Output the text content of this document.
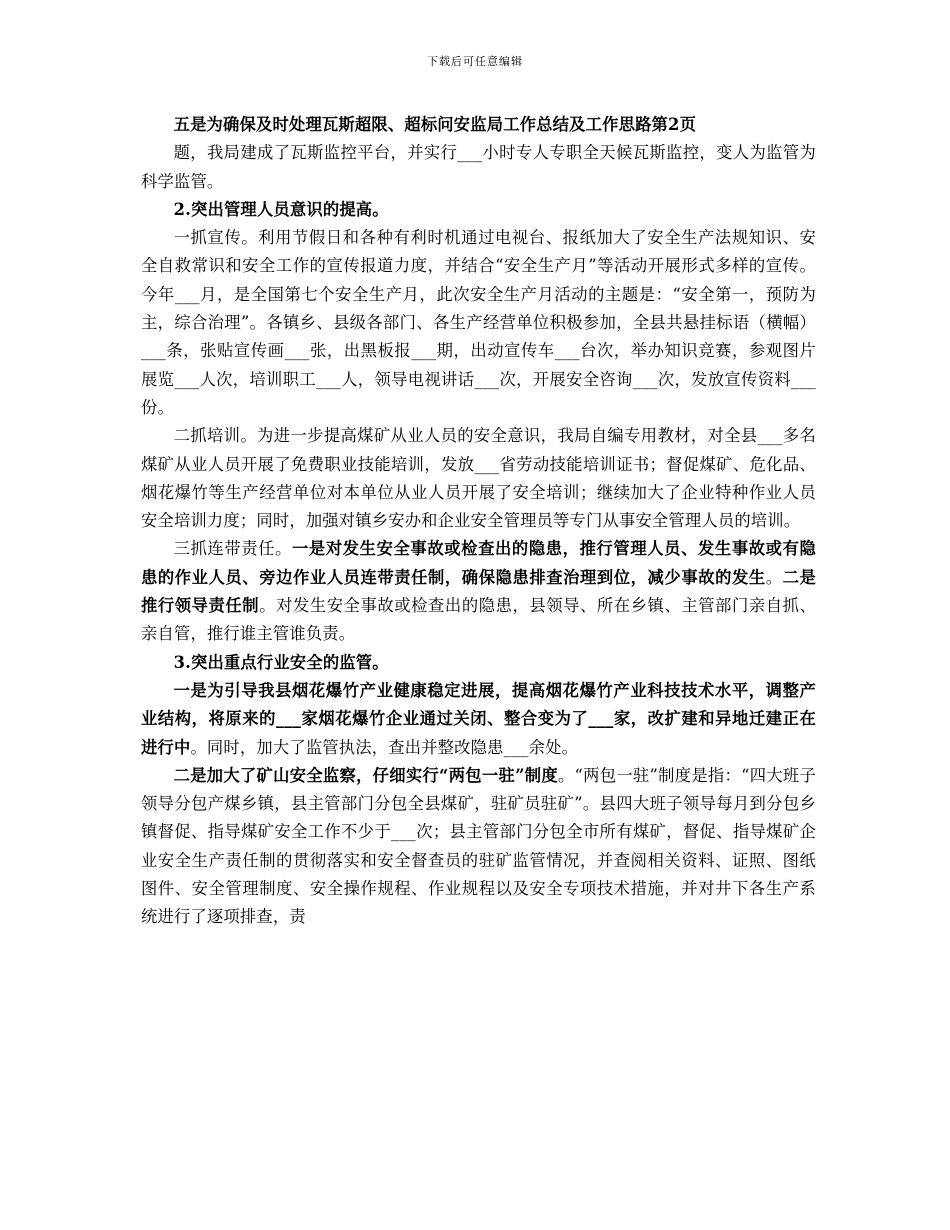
下载后可任意编辑

五是为确保及时处理瓦斯超限、超标问安监局工作总结及工作思路第2页

题，我局建成了瓦斯监控平台，并实行___小时专人专职全天候瓦斯监控，变人为监管为科学监管。

2.突出管理人员意识的提高。

一抓宣传。利用节假日和各种有利时机通过电视台、报纸加大了安全生产法规知识、安全自救常识和安全工作的宣传报道力度，并结合“安全生产月”等活动开展形式多样的宣传。今年___月，是全国第七个安全生产月，此次安全生产月活动的主题是：“安全第一，预防为主，综合治理”。各镇乡、县级各部门、各生产经营单位积极参加，全县共悬挂标语（横幅）___条，张贴宣传画___张，出黑板报___期，出动宣传车___台次，举办知识竞赛，参观图片展览___人次，培训职工___人，领导电视讲话___次，开展安全咨询___次，发放宣传资料___份。

二抓培训。为进一步提高煤矿从业人员的安全意识，我局自编专用教材，对全县___多名煤矿从业人员开展了免费职业技能培训，发放___省劳动技能培训证书；督促煤矿、危化品、烟花爆竹等生产经营单位对本单位从业人员开展了安全培训；继续加大了企业特种作业人员安全培训力度；同时，加强对镇乡安办和企业安全管理员等专门从事安全管理人员的培训。

三抓连带责任。一是对发生安全事故或检查出的隐患，推行管理人员、发生事故或有隐患的作业人员、旁边作业人员连带责任制，确保隐患排查治理到位，减少事故的发生。二是推行领导责任制。对发生安全事故或检查出的隐患，县领导、所在乡镇、主管部门亲自抓、亲自管，推行谁主管谁负责。

3.突出重点行业安全的监管。

一是为引导我县烟花爆竹产业健康稳定进展，提高烟花爆竹产业科技技术水平，调整产业结构，将原来的___家烟花爆竹企业通过关闭、整合变为了___家，改扩建和异地迁建正在进行中。同时，加大了监管执法，查出并整改隐患___余处。

二是加大了矿山安全监察，仔细实行“两包一驻”制度。“两包一驻”制度是指：“四大班子领导分包产煤乡镇，县主管部门分包全县煤矿，驻矿员驻矿”。县四大班子领导每月到分包乡镇督促、指导煤矿安全工作不少于___次；县主管部门分包全市所有煤矿，督促、指导煤矿企业安全生产责任制的贯彻落实和安全督查员的驻矿监管情况，并查阅相关资料、证照、图纸图件、安全管理制度、安全操作规程、作业规程以及安全专项技术措施，并对井下各生产系统进行了逐项排查，责
